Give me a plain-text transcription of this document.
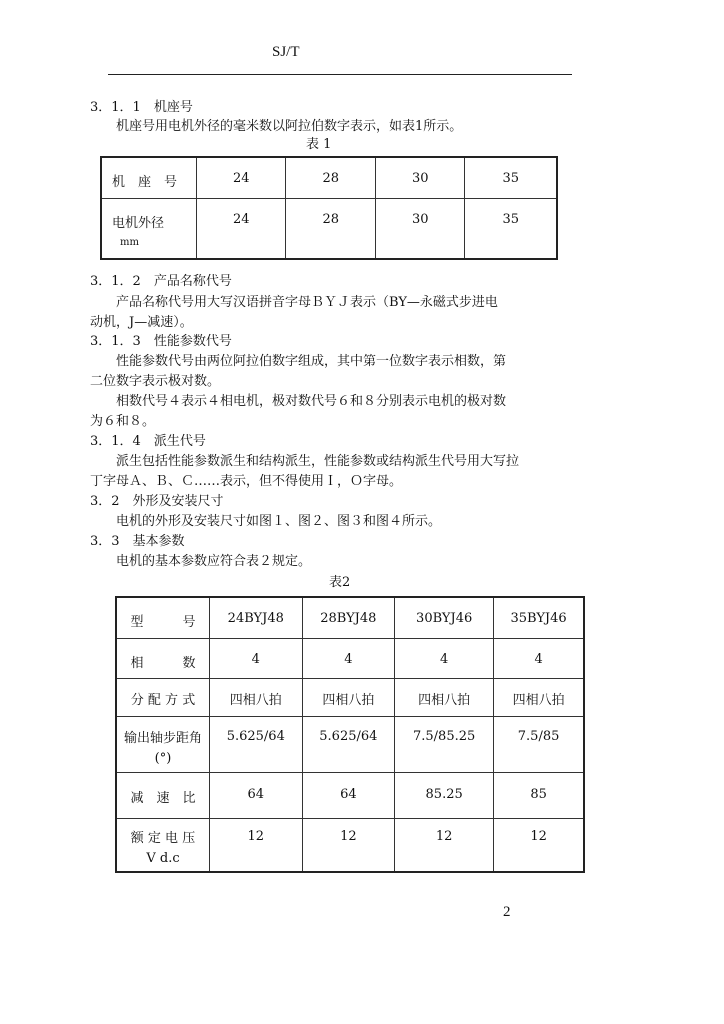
SJ/T
3．1．1　机座号
机座号用电机外径的毫米数以阿拉伯数字表示，如表1所示。
表 1
机　座　号	24	28	30	35
电机外径
mm	24	28	30	35
3．1．2　产品名称代号
产品名称代号用大写汉语拼音字母ＢＹＪ表示（BY—永磁式步进电
动机，J—减速）。
3．1．3　性能参数代号
性能参数代号由两位阿拉伯数字组成，其中第一位数字表示相数，第
二位数字表示极对数。
相数代号４表示４相电机，极对数代号６和８分别表示电机的极对数
为６和８。
3．1．4　派生代号
派生包括性能参数派生和结构派生，性能参数或结构派生代号用大写拉
丁字母Ａ、Ｂ、Ｃ……表示，但不得使用Ｉ，Ｏ字母。
3．2　外形及安装尺寸
电机的外形及安装尺寸如图１、图２、图３和图４所示。
3．3　基本参数
电机的基本参数应符合表２规定。
表2
型　　　号	24BYJ48	28BYJ48	30BYJ46	35BYJ46
相　　　数	4	4	4	4
分 配 方 式	四相八拍	四相八拍	四相八拍	四相八拍
输出轴步距角
(°)	5.625/64	5.625/64	7.5/85.25	7.5/85
减　速　比	64	64	85.25	85
额 定 电 压
V d.c	12	12	12	12
2
